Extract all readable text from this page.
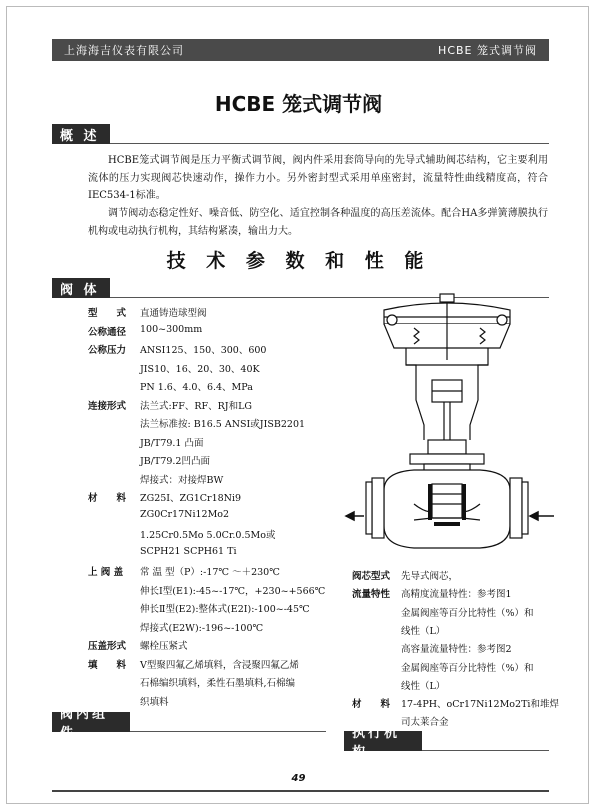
上海海吉仪表有限公司	HCBE 笼式调节阀
HCBE 笼式调节阀
概 述
HCBE笼式调节阀是压力平衡式调节阀，阀内件采用套筒导向的先导式辅助阀芯结构，它主要利用流体的压力实现阀芯快速动作，操作力小。另外密封型式采用单座密封，流量特性曲线精度高，符合IEC534-1标准。
调节阀动态稳定性好、噪音低、防空化、适宜控制各种温度的高压差流体。配合HA多弹簧薄膜执行机构或电动执行机构，其结构紧凑，输出力大。
技 术 参 数 和 性 能
阀 体
型　　式	直通铸造球型阀
公称通径	100~300mm
公称压力	ANSI125、150、300、600
JIS10、16、20、30、40K
PN 1.6、4.0、6.4、MPa
连接形式	法兰式:FF、RF、RJ和LG
法兰标准按: B16.5 ANSI或JISB2201
JB/T79.1 凸面
JB/T79.2凹凸面
焊接式：对接焊BW
材　　料	ZG25I、ZG1Cr18Ni9
ZG0Cr17Ni12Mo2
1.25Cr0.5Mo 5.0Cr.0.5Mo或
SCPH21 SCPH61 Ti
上 阀 盖	常 温 型（P）:-17℃ ～＋230℃
伸长Ⅰ型(E1):-45~-17℃，+230~+566℃
伸长Ⅱ型(E2):整体式(E2I):-100~-45℃
焊接式(E2W):-196~-100℃
压盖形式	螺栓压紧式
填　　料	V型聚四氟乙烯填料，含浸聚四氟乙烯
石棉编织填料，柔性石墨填料,石棉编
织填料
阀芯型式	先导式阀芯，
流量特性	高精度流量特性：参考图1
金属阀座等百分比特性（%）和
线性（L）
高容量流量特性：参考图2
金属阀座等百分比特性（%）和
线性（L）
材　　料	17-4PH、oCr17Ni12Mo2Ti和堆焊
司太莱合金
阀内组件	执行机构
49
